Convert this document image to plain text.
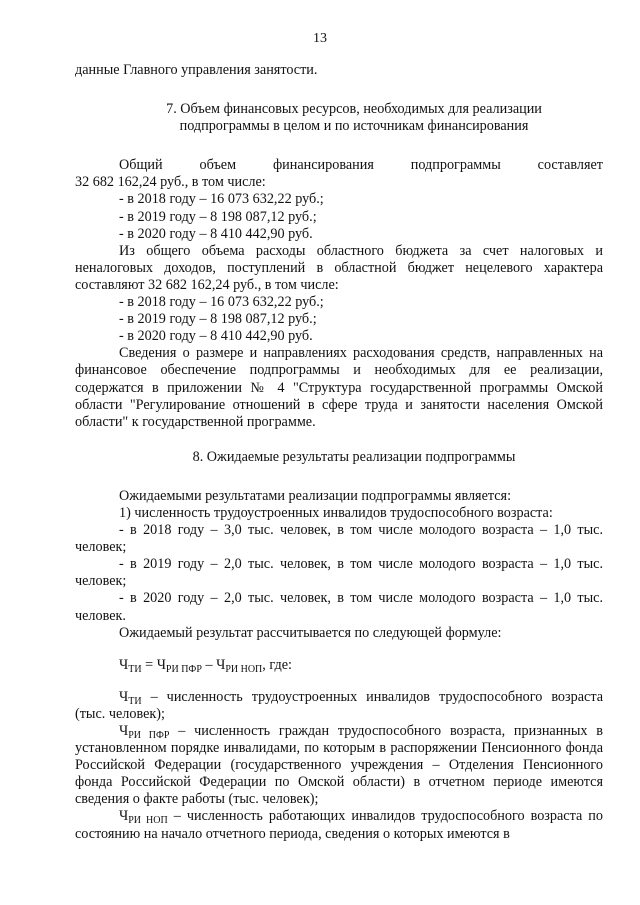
13

данные Главного управления занятости.

7. Объем финансовых ресурсов, необходимых для реализации

подпрограммы в целом и по источникам финансирования

Общий объем финансирования подпрограммы составляет

32 682 162,24 руб., в том числе:

- в 2018 году – 16 073 632,22 руб.;

- в 2019 году – 8 198 087,12 руб.;

- в 2020 году – 8 410 442,90 руб.

Из общего объема расходы областного бюджета за счет налоговых и неналоговых доходов, поступлений в областной бюджет нецелевого характера составляют 32 682 162,24 руб., в том числе:

- в 2018 году – 16 073 632,22 руб.;

- в 2019 году – 8 198 087,12 руб.;

- в 2020 году – 8 410 442,90 руб.

Сведения о размере и направлениях расходования средств, направленных на финансовое обеспечение подпрограммы и необходимых для ее реализации, содержатся в приложении № 4 "Структура государственной программы Омской области "Регулирование отношений в сфере труда и занятости населения Омской области" к государственной программе.

8. Ожидаемые результаты реализации подпрограммы

Ожидаемыми результатами реализации подпрограммы является:

1) численность трудоустроенных инвалидов трудоспособного возраста:

- в 2018 году – 3,0 тыс. человек, в том числе молодого возраста – 1,0 тыс. человек;

- в 2019 году – 2,0 тыс. человек, в том числе молодого возраста – 1,0 тыс. человек;

- в 2020 году – 2,0 тыс. человек, в том числе молодого возраста – 1,0 тыс. человек.

Ожидаемый результат рассчитывается по следующей формуле:

$Ч_{ТИ} = Ч_{РИ ПФР} - Ч_{РИ НОП}$, где:

$Ч_{ТИ}$ – численность трудоустроенных инвалидов трудоспособного возраста (тыс. человек);

$Ч_{РИ ПФР}$ – численность граждан трудоспособного возраста, признанных в установленном порядке инвалидами, по которым в распоряжении Пенсионного фонда Российской Федерации (государственного учреждения – Отделения Пенсионного фонда Российской Федерации по Омской области) в отчетном периоде имеются сведения о факте работы (тыс. человек);

$Ч_{РИ НОП}$ – численность работающих инвалидов трудоспособного возраста по состоянию на начало отчетного периода, сведения о которых имеются в
